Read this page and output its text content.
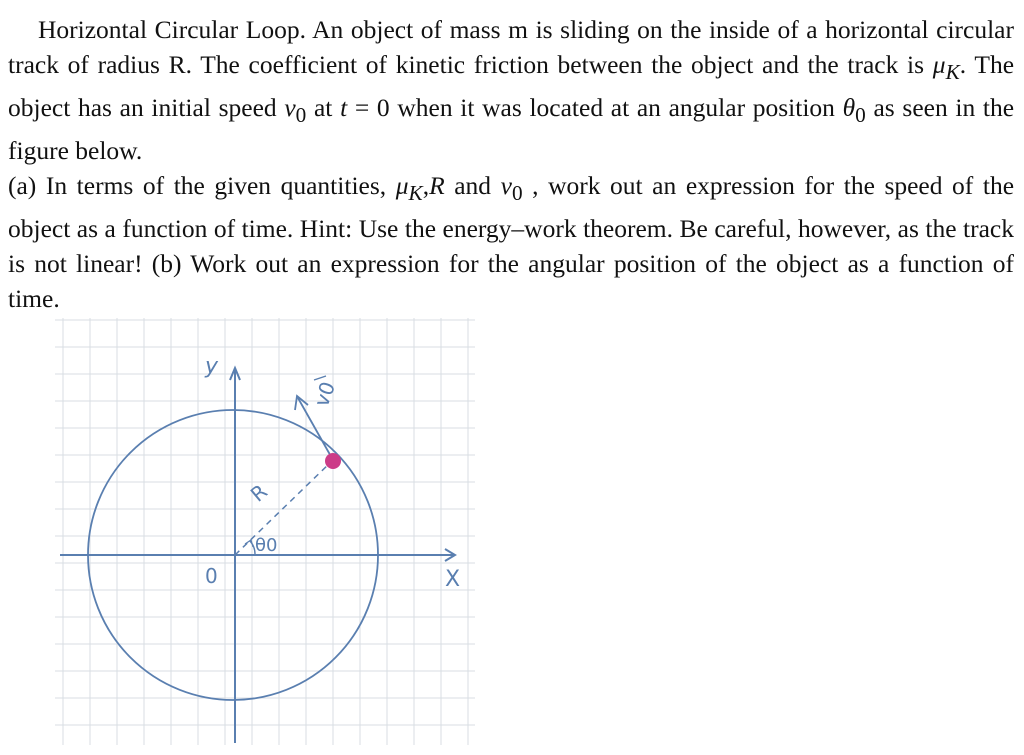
Horizontal Circular Loop. An object of mass m is sliding on the inside of a horizontal circular track of radius R. The coefficient of kinetic friction between the object and the track is $\mu_K$. The object has an initial speed $v_0$ at t = 0 when it was located at an angular position $\theta_0$ as seen in the figure below.

(a) In terms of the given quantities, $\mu_K,R$ and $v_0$ , work out an expression for the speed of the object as a function of time. Hint: Use the energy–work theorem. Be careful, however, as the track is not linear! (b) Work out an expression for the angular position of the object as a function of time.

y
X
0
R
θ0
v0
